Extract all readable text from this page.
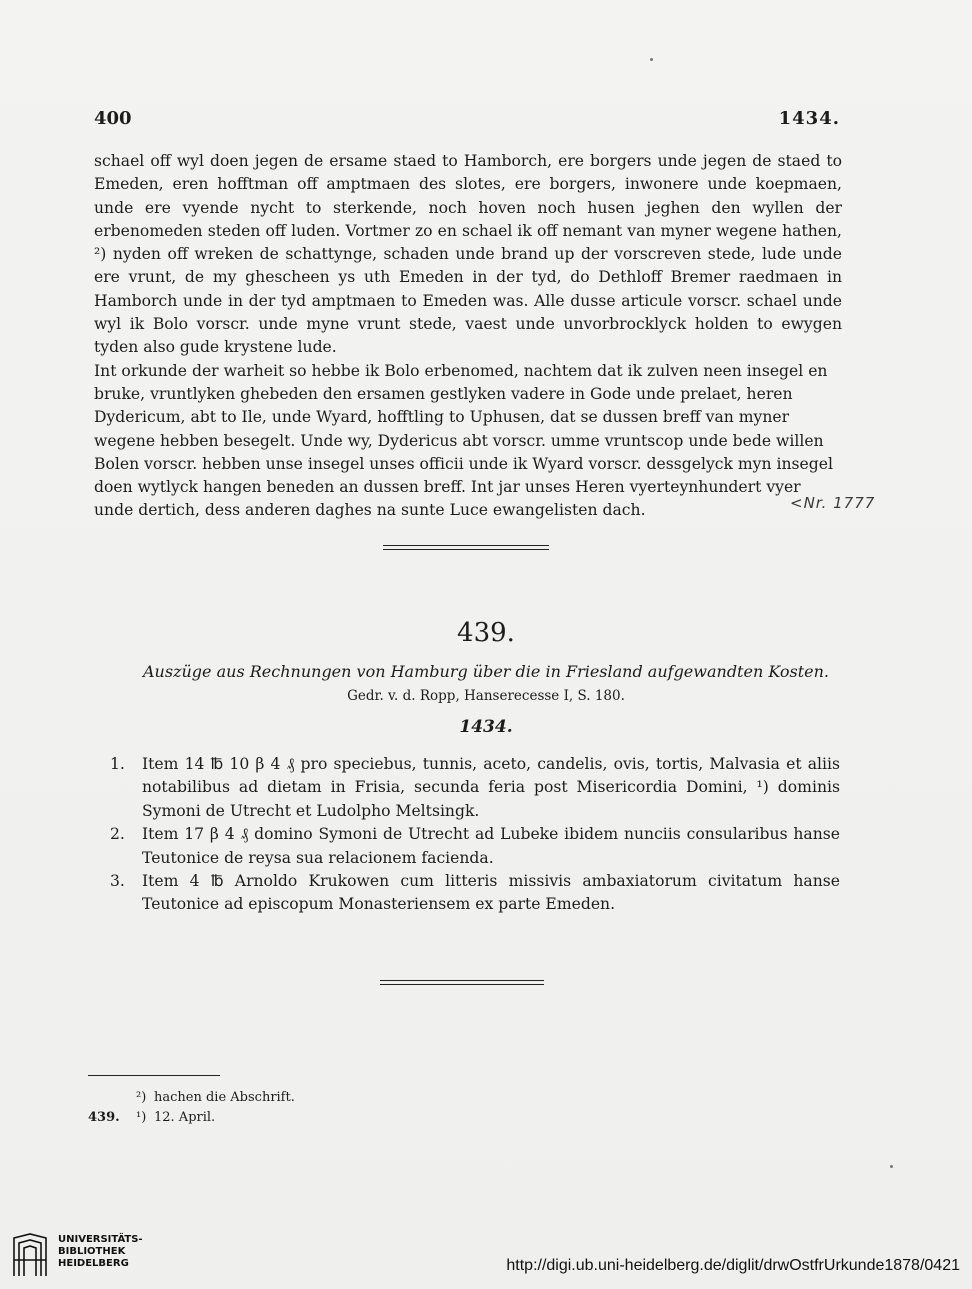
400	1434.

schael off wyl doen jegen de ersame staed to Hamborch, ere borgers unde jegen de staed to Emeden, eren hofftman off amptmaen des slotes, ere borgers, inwonere unde koepmaen, unde ere vyende nycht to sterkende, noch hoven noch husen jeghen den wyllen der erbenomeden steden off luden. Vortmer zo en schael ik off nemant van myner wegene hathen, ²) nyden off wreken de schattynge, schaden unde brand up der vorscreven stede, lude unde ere vrunt, de my ghescheen ys uth Emeden in der tyd, do Dethloff Bremer raedmaen in Hamborch unde in der tyd amptmaen to Emeden was. Alle dusse articule vorscr. schael unde wyl ik Bolo vorscr. unde myne vrunt stede, vaest unde unvorbrocklyck holden to ewygen tyden also gude krystene lude.

Int orkunde der warheit so hebbe ik Bolo erbenomed, nachtem dat ik zulven neen insegel en bruke, vruntlyken ghebeden den ersamen gestlyken vadere in Gode unde prelaet, heren Dydericum, abt to Ile, unde Wyard, hofftling to Uphusen, dat se dussen breff van myner wegene hebben besegelt. Unde wy, Dydericus abt vorscr. umme vruntscop unde bede willen Bolen vorscr. hebben unse insegel unses officii unde ik Wyard vorscr. dessgelyck myn insegel doen wytlyck hangen beneden an dussen breff. Int jar unses Heren vyerteynhundert vyer unde dertich, dess anderen daghes na sunte Luce ewangelisten dach.	<Nr. 1777
439.
Auszüge aus Rechnungen von Hamburg über die in Friesland aufgewandten Kosten.
Gedr. v. d. Ropp, Hanserecesse I, S. 180.
1434.
1. Item 14 ℔ 10 β 4 ₰ pro speciebus, tunnis, aceto, candelis, ovis, tortis, Malvasia et aliis notabilibus ad dietam in Frisia, secunda feria post Misericordia Domini, ¹) dominis Symoni de Utrecht et Ludolpho Meltsingk.
2. Item 17 β 4 ₰ domino Symoni de Utrecht ad Lubeke ibidem nunciis consularibus hanse Teutonice de reysa sua relacionem facienda.
3. Item 4 ℔ Arnoldo Krukowen cum litteris missivis ambaxiatorum civitatum hanse Teutonice ad episcopum Monasteriensem ex parte Emeden.
²) hachen die Abschrift.
439. ¹) 12. April.
UNIVERSITÄTS-
BIBLIOTHEK
HEIDELBERG	http://digi.ub.uni-heidelberg.de/diglit/drwOstfrUrkunde1878/0421
